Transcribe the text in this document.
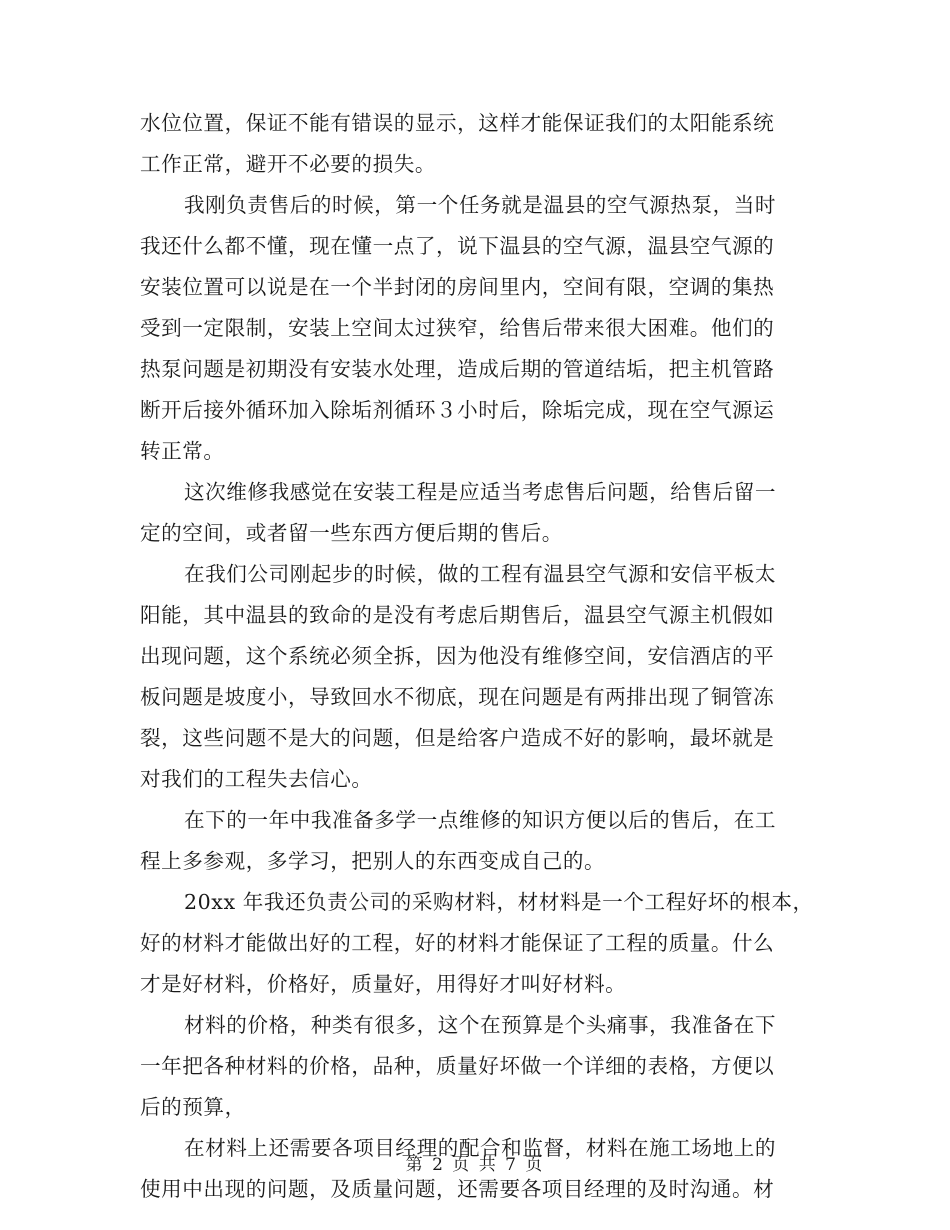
水位位置，保证不能有错误的显示，这样才能保证我们的太阳能系统
工作正常，避开不必要的损失。

我刚负责售后的时候，第一个任务就是温县的空气源热泵，当时
我还什么都不懂，现在懂一点了，说下温县的空气源，温县空气源的
安装位置可以说是在一个半封闭的房间里内，空间有限，空调的集热
受到一定限制，安装上空间太过狭窄，给售后带来很大困难。他们的
热泵问题是初期没有安装水处理，造成后期的管道结垢，把主机管路
断开后接外循环加入除垢剂循环３小时后，除垢完成，现在空气源运
转正常。

这次维修我感觉在安装工程是应适当考虑售后问题，给售后留一
定的空间，或者留一些东西方便后期的售后。

在我们公司刚起步的时候，做的工程有温县空气源和安信平板太
阳能，其中温县的致命的是没有考虑后期售后，温县空气源主机假如
出现问题，这个系统必须全拆，因为他没有维修空间，安信酒店的平
板问题是坡度小，导致回水不彻底，现在问题是有两排出现了铜管冻
裂，这些问题不是大的问题，但是给客户造成不好的影响，最坏就是
对我们的工程失去信心。

在下的一年中我准备多学一点维修的知识方便以后的售后，在工
程上多参观，多学习，把别人的东西变成自己的。

20xx 年我还负责公司的采购材料，材材料是一个工程好坏的根本，
好的材料才能做出好的工程，好的材料才能保证了工程的质量。什么
才是好材料，价格好，质量好，用得好才叫好材料。

材料的价格，种类有很多，这个在预算是个头痛事，我准备在下
一年把各种材料的价格，品种，质量好坏做一个详细的表格，方便以
后的预算，

在材料上还需要各项目经理的配合和监督，材料在施工场地上的
使用中出现的问题，及质量问题，还需要各项目经理的及时沟通。材

第 2 页 共 7 页
